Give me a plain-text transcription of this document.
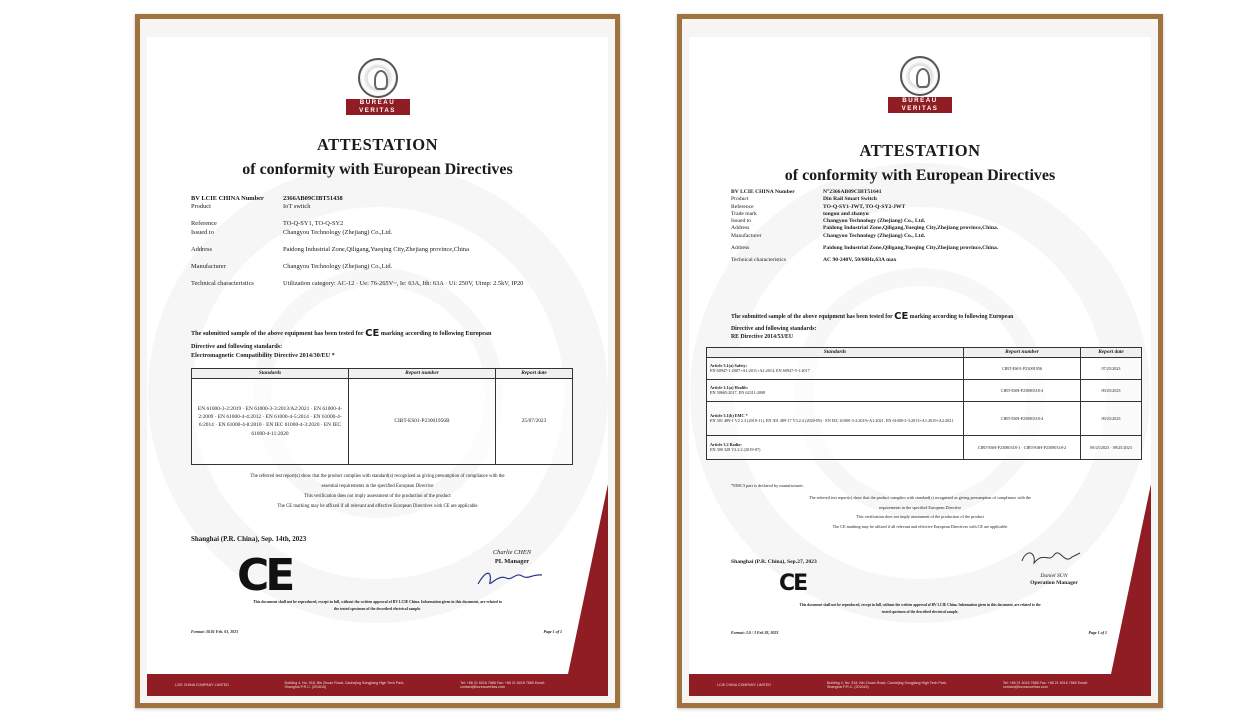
BUREAU VERITAS
ATTESTATION
of conformity with European Directives
BV LCIE CHINA Number	2366AB09CIBT51438
Product	IoT switch
Reference	TO-Q-SY1, TO-Q-SY2
Issued to	Changyou Technology (Zhejiang) Co.,Ltd.
Address	Paidong Industrial Zone,Qiligang,Yueqing City,Zhejiang province,China
Manufacturer	Changyou Technology (Zhejiang) Co.,Ltd.
Technical characteristics	Utilization category: AC-12 · Ue: 76-265V~, Ie: 63A, Ith: 63A · Ui: 250V, Uimp: 2.5kV, IP20
The submitted sample of the above equipment has been tested for CE marking according to following European
Directive and following standards:
Electromagnetic Compatibility Directive 2014/30/EU *
Standards	Report number	Report date
EN 61000-3-2:2019 · EN 61000-3-3:2013/A2:2021 · EN 61000-4-2:2009 · EN 61000-4-4:2012 · EN 61000-4-5:2014 · EN 61000-4-6:2014 · EN 61000-4-8:2010 · EN IEC 61000-4-3:2020 · EN IEC 61000-4-11:2020	CIBT-ES01-P23001956B	25/07/2023
The referred test report(s) show that the product complies with standard(s) recognized as giving presumption of compliance with the
essential requirements in the specified European Directive
This verification does not imply assessment of the production of the product
The CE marking may be affixed if all relevant and effective European Directives with CE are applicable
Shanghai (P.R. China), Sep. 14th, 2023
CE	Charlie CHEN
PL Manager
This document shall not be reproduced, except in full, without the written approval of BV LCIE China. Information given in this document, are related to
the tested specimen of the described electrical sample.
Format: 30.01 Feb. 01, 2021	Page 1 of 1
LCIE CHINA COMPANY LIMITED
Building 4, No. 518, Bin Zhuan Road, Caohejing Songjiang High Tech Park, Shanghai P.R.C. (201615)
Tel: +86 21 6016 7888 Fax: +86 21 6016 7889 Email: contact@bureauveritas.com
BUREAU VERITAS
ATTESTATION
of conformity with European Directives
BV LCIE CHINA Number	N°2366AB09CIBT51641
Product	Din Rail Smart Switch
Reference	TO-Q-SY1-JWT, TO-Q-SY2-JWT
Trade mark	tongou and zhanyu
Issued to	Changyou Technology (Zhejiang) Co., Ltd.
Address	Paidong Industrial Zone,Qiligang,Yueqing City,Zhejiang province,China.
Manufacturer	Changyou Technology (Zhejiang) Co., Ltd.
Address	Paidong Industrial Zone,Qiligang,Yueqing City,Zhejiang province,China.
Technical characteristics	AC 90-240V, 50/60Hz,63A max
The submitted sample of the above equipment has been tested for CE marking according to following European
Directive and following standards:
RE Directive 2014/53/EU
Standards	Report number	Report date
Article 3.1(a) Safety:
EN 60947-1:2007+A1:2011+A2:2014, EN 60947-5-1:2017	CIBT-ES01-P23001956	07/25/2023
Article 3.1(a) Health:
EN 50665:2017, EN 62311:2008	CIBT-ESH-P23080318-4	09/25/2023
Article 3.1(b) EMC *
EN 301 489-1 V2.2.3 (2019-11), EN 301 489-17 V3.2.4 (2020-09) · EN IEC 61000-3-2:2019+A1:2021, EN 61000-3-3:2013+A1:2019+A2:2021	CIBT-ESH-P23080318-4	09/25/2023
Article 3.2 Radio:
EN 300 328 V2.2.2 (2019-07)	CIBT-ESH-P23080318-1 · CIBT-ESH-P23080318-2	09/25/2023 · 09/25/2023
*EMC3 part is declared by manufacturer.
The referred test report(s) show that the product complies with standard(s) recognized as giving presumption of compliance with the
requirements in the specified European Directive
This verification does not imply assessment of the production of the product
The CE marking may be affixed if all relevant and effective European Directives with CE are applicable
Shanghai (P.R. China), Sep.27, 2023
CE	Daniel SUN
Operation Manager
This document shall not be reproduced, except in full, without the written approval of BV LCIE China. Information given in this document, are related to the
tested specimen of the described electrical sample.
Format: 3.0 / 3 Feb 28, 2023	Page 1 of 1
LCIE CHINA COMPANY LIMITED
Building 4, No. 518, Bin Zhuan Road, Caohejing Songjiang High Tech Park, Shanghai P.R.C. (201615)
Tel: +86 21 6016 7888 Fax: +86 21 6016 7889 Email: contact@bureauveritas.com
